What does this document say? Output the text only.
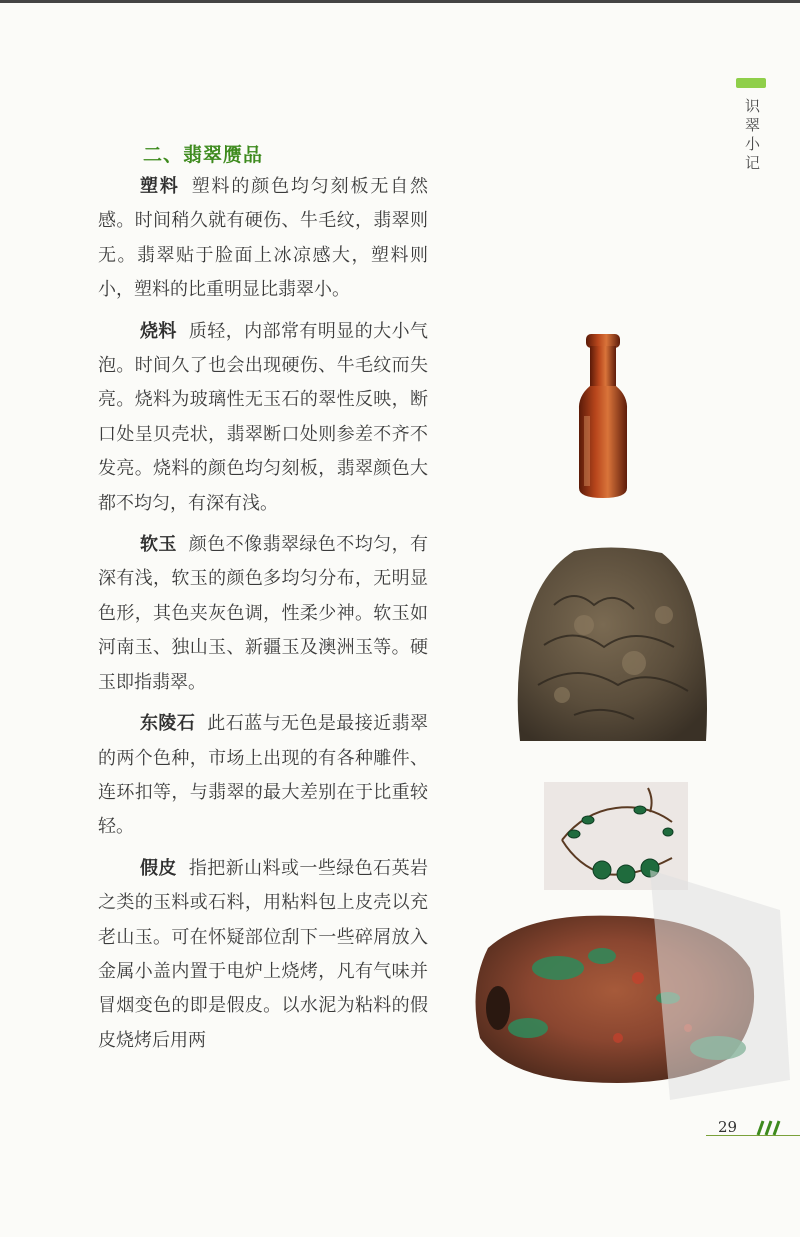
识翠小记
二、翡翠赝品

塑料 塑料的颜色均匀刻板无自然感。时间稍久就有硬伤、牛毛纹，翡翠则无。翡翠贴于脸面上冰凉感大，塑料则小，塑料的比重明显比翡翠小。

烧料 质轻，内部常有明显的大小气泡。时间久了也会出现硬伤、牛毛纹而失亮。烧料为玻璃性无玉石的翠性反映，断口处呈贝壳状，翡翠断口处则参差不齐不发亮。烧料的颜色均匀刻板，翡翠颜色大都不均匀，有深有浅。

软玉 颜色不像翡翠绿色不均匀，有深有浅，软玉的颜色多均匀分布，无明显色形，其色夹灰色调，性柔少神。软玉如河南玉、独山玉、新疆玉及澳洲玉等。硬玉即指翡翠。

东陵石 此石蓝与无色是最接近翡翠的两个色种，市场上出现的有各种雕件、连环扣等，与翡翠的最大差别在于比重较轻。

假皮 指把新山料或一些绿色石英岩之类的玉料或石料，用粘料包上皮壳以充老山玉。可在怀疑部位刮下一些碎屑放入金属小盖内置于电炉上烧烤，凡有气味并冒烟变色的即是假皮。以水泥为粘料的假皮烧烤后用两

29
